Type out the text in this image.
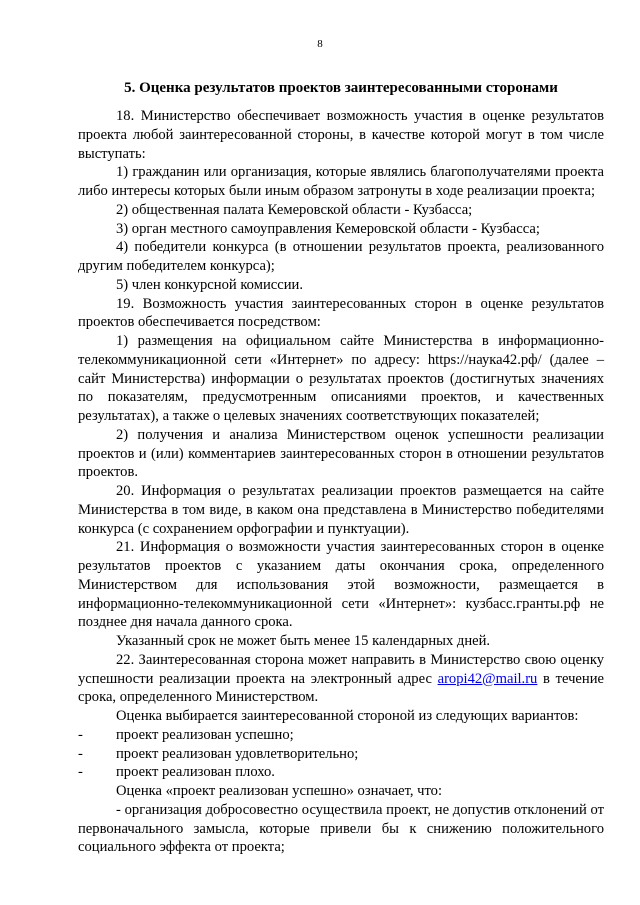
8
5. Оценка результатов проектов заинтересованными сторонами

18. Министерство обеспечивает возможность участия в оценке результатов проекта любой заинтересованной стороны, в качестве которой могут в том числе выступать:

1) гражданин или организация, которые являлись благополучателями проекта либо интересы которых были иным образом затронуты в ходе реализации проекта;

2) общественная палата Кемеровской области - Кузбасса;

3) орган местного самоуправления Кемеровской области - Кузбасса;

4) победители конкурса (в отношении результатов проекта, реализованного другим победителем конкурса);

5) член конкурсной комиссии.

19. Возможность участия заинтересованных сторон в оценке результатов проектов обеспечивается посредством:

1) размещения на официальном сайте Министерства в информационно-телекоммуникационной сети «Интернет» по адресу: https://наука42.рф/ (далее – сайт Министерства) информации о результатах проектов (достигнутых значениях по показателям, предусмотренным описаниями проектов, и качественных результатах), а также о целевых значениях соответствующих показателей;

2) получения и анализа Министерством оценок успешности реализации проектов и (или) комментариев заинтересованных сторон в отношении результатов проектов.

20. Информация о результатах реализации проектов размещается на сайте Министерства в том виде, в каком она представлена в Министерство победителями конкурса (с сохранением орфографии и пунктуации).

21. Информация о возможности участия заинтересованных сторон в оценке результатов проектов с указанием даты окончания срока, определенного Министерством для использования этой возможности, размещается в информационно-телекоммуникационной сети «Интернет»: кузбасс.гранты.рф не позднее дня начала данного срока.

Указанный срок не может быть менее 15 календарных дней.

22. Заинтересованная сторона может направить в Министерство свою оценку успешности реализации проекта на электронный адрес aropi42@mail.ru в течение срока, определенного Министерством.

Оценка выбирается заинтересованной стороной из следующих вариантов:

-	проект реализован успешно;

-	проект реализован удовлетворительно;

-	проект реализован плохо.

Оценка «проект реализован успешно» означает, что:

- организация добросовестно осуществила проект, не допустив отклонений от первоначального замысла, которые привели бы к снижению положительного социального эффекта от проекта;
